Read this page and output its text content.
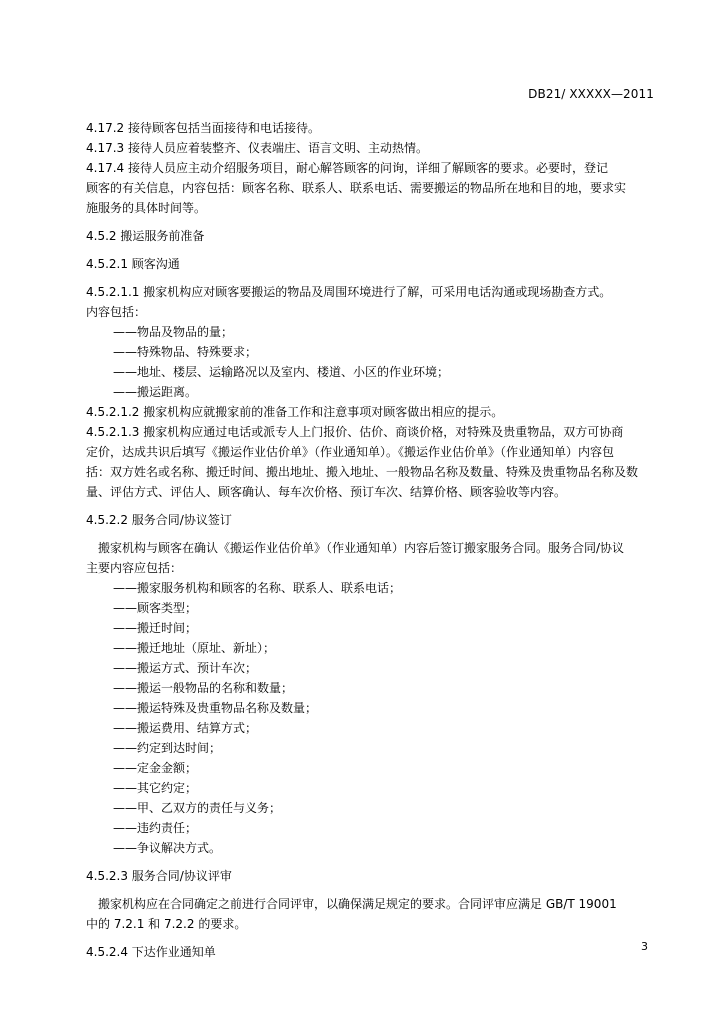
DB21/ XXXXX—2011
4.17.2 接待顾客包括当面接待和电话接待。
4.17.3 接待人员应着装整齐、仪表端庄、语言文明、主动热情。
4.17.4 接待人员应主动介绍服务项目，耐心解答顾客的问询，详细了解顾客的要求。必要时，登记
顾客的有关信息，内容包括：顾客名称、联系人、联系电话、需要搬运的物品所在地和目的地，要求实
施服务的具体时间等。
4.5.2 搬运服务前准备
4.5.2.1 顾客沟通
4.5.2.1.1 搬家机构应对顾客要搬运的物品及周围环境进行了解，可采用电话沟通或现场勘查方式。
内容包括：
——物品及物品的量；
——特殊物品、特殊要求；
——地址、楼层、运输路况以及室内、楼道、小区的作业环境；
——搬运距离。
4.5.2.1.2 搬家机构应就搬家前的准备工作和注意事项对顾客做出相应的提示。
4.5.2.1.3 搬家机构应通过电话或派专人上门报价、估价、商谈价格，对特殊及贵重物品，双方可协商
定价，达成共识后填写《搬运作业估价单》（作业通知单）。《搬运作业估价单》（作业通知单）内容包
括：双方姓名或名称、搬迁时间、搬出地址、搬入地址、一般物品名称及数量、特殊及贵重物品名称及数
量、评估方式、评估人、顾客确认、每车次价格、预订车次、结算价格、顾客验收等内容。
4.5.2.2 服务合同/协议签订
搬家机构与顾客在确认《搬运作业估价单》（作业通知单）内容后签订搬家服务合同。服务合同/协议
主要内容应包括：
——搬家服务机构和顾客的名称、联系人、联系电话；
——顾客类型；
——搬迁时间；
——搬迁地址（原址、新址）；
——搬运方式、预计车次；
——搬运一般物品的名称和数量；
——搬运特殊及贵重物品名称及数量；
——搬运费用、结算方式；
——约定到达时间；
——定金金额；
——其它约定；
——甲、乙双方的责任与义务；
——违约责任；
——争议解决方式。
4.5.2.3 服务合同/协议评审
搬家机构应在合同确定之前进行合同评审，以确保满足规定的要求。合同评审应满足 GB/T 19001
中的 7.2.1 和 7.2.2 的要求。
4.5.2.4 下达作业通知单	3
